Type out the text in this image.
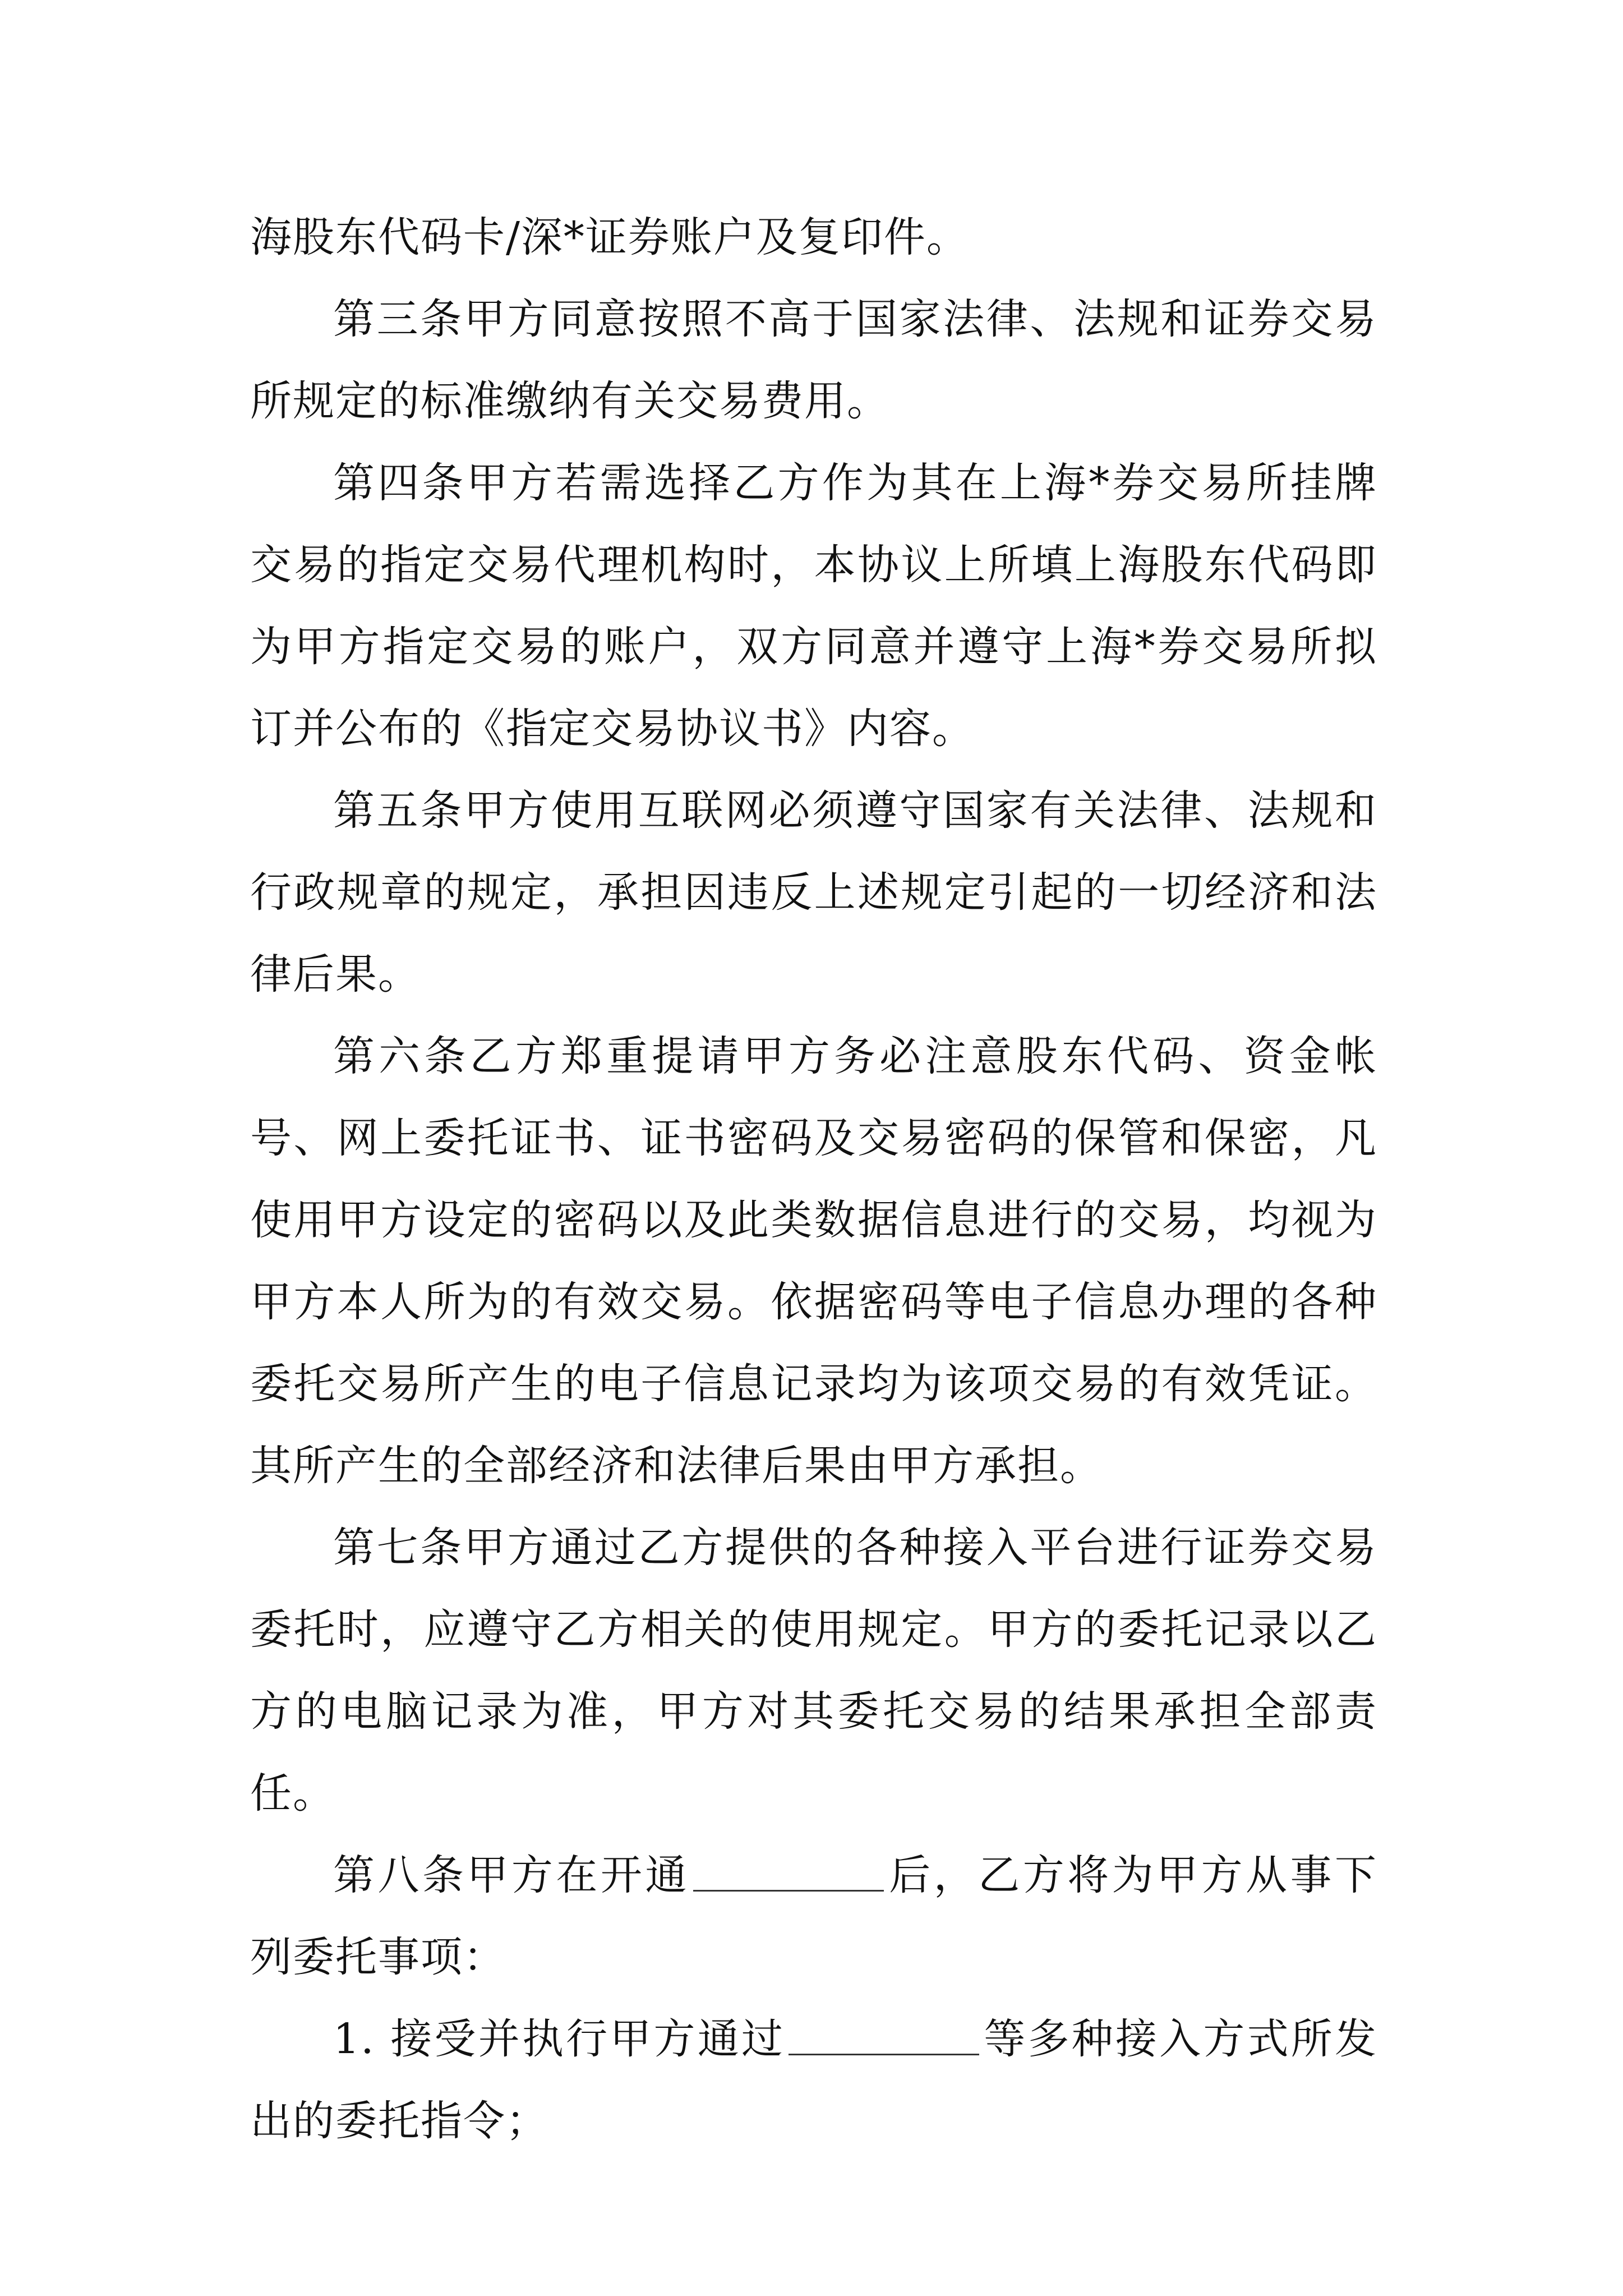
海股东代码卡/深*证券账户及复印件。

第三条甲方同意按照不高于国家法律、法规和证券交易所规定的标准缴纳有关交易费用。

第四条甲方若需选择乙方作为其在上海*券交易所挂牌交易的指定交易代理机构时，本协议上所填上海股东代码即为甲方指定交易的账户，双方同意并遵守上海*券交易所拟订并公布的《指定交易协议书》内容。

第五条甲方使用互联网必须遵守国家有关法律、法规和行政规章的规定，承担因违反上述规定引起的一切经济和法律后果。

第六条乙方郑重提请甲方务必注意股东代码、资金帐号、网上委托证书、证书密码及交易密码的保管和保密，凡使用甲方设定的密码以及此类数据信息进行的交易，均视为甲方本人所为的有效交易。依据密码等电子信息办理的各种委托交易所产生的电子信息记录均为该项交易的有效凭证。其所产生的全部经济和法律后果由甲方承担。

第七条甲方通过乙方提供的各种接入平台进行证券交易委托时，应遵守乙方相关的使用规定。甲方的委托记录以乙方的电脑记录为准，甲方对其委托交易的结果承担全部责任。

第八条甲方在开通	后，乙方将为甲方从事下列委托事项：

1. 接受并执行甲方通过	等多种接入方式所发出的委托指令；
